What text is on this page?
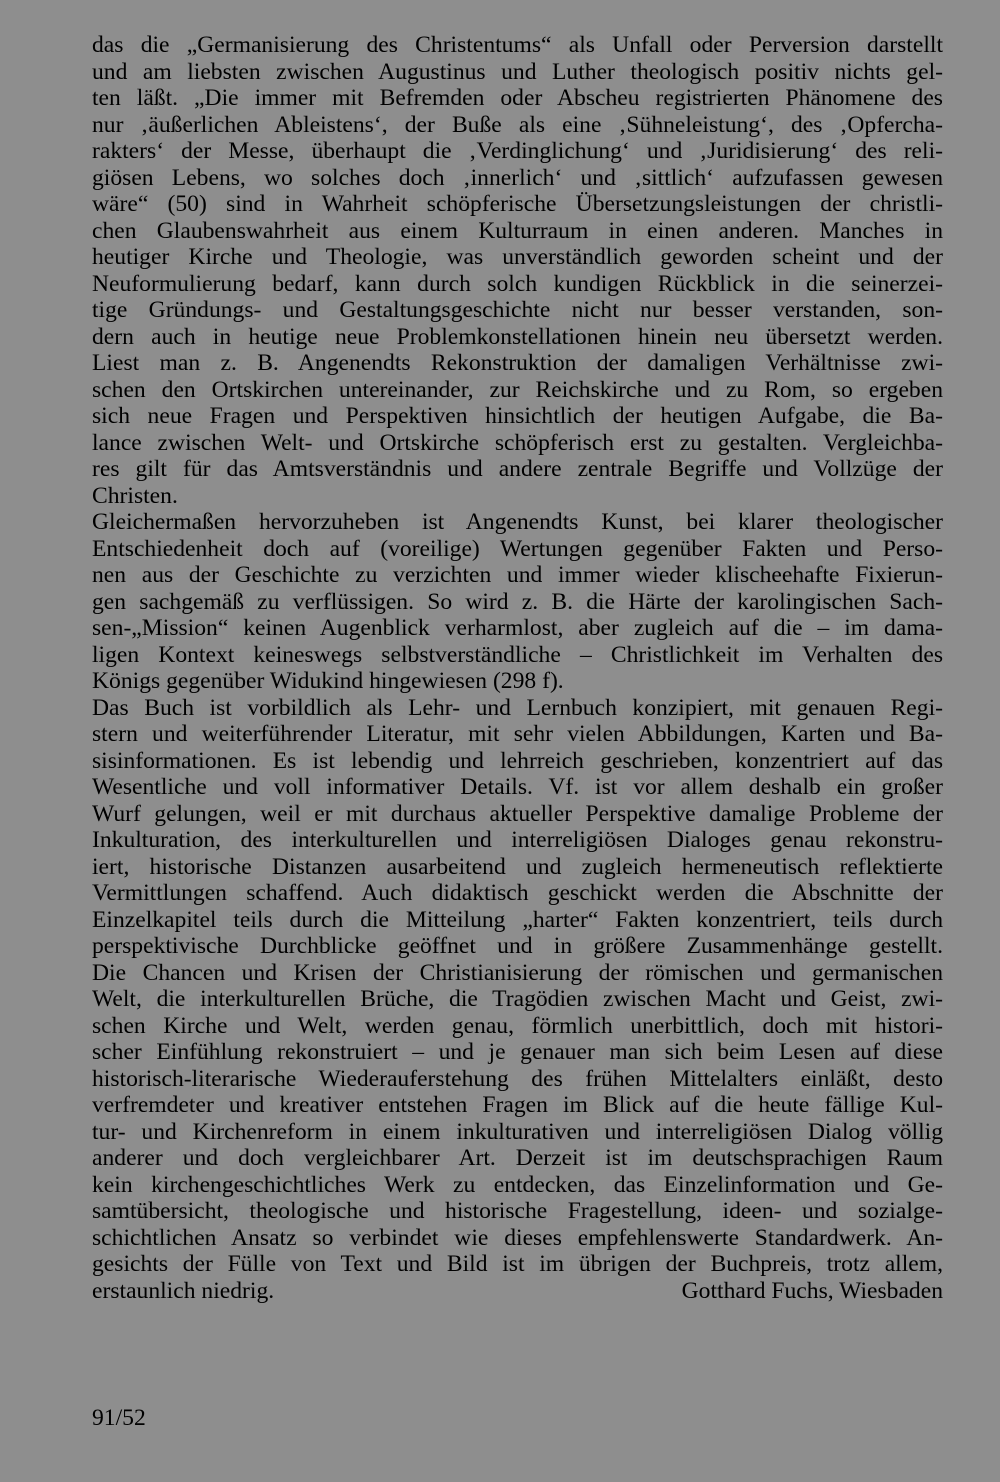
das die „Germanisierung des Christentums“ als Unfall oder Perversion darstellt
und am liebsten zwischen Augustinus und Luther theologisch positiv nichts gel-
ten läßt. „Die immer mit Befremden oder Abscheu registrierten Phänomene des
nur ‚äußerlichen Ableistens‘, der Buße als eine ‚Sühneleistung‘, des ‚Opfercha-
rakters‘ der Messe, überhaupt die ‚Verdinglichung‘ und ‚Juridisierung‘ des reli-
giösen Lebens, wo solches doch ‚innerlich‘ und ‚sittlich‘ aufzufassen gewesen
wäre“ (50) sind in Wahrheit schöpferische Übersetzungsleistungen der christli-
chen Glaubenswahrheit aus einem Kulturraum in einen anderen. Manches in
heutiger Kirche und Theologie, was unverständlich geworden scheint und der
Neuformulierung bedarf, kann durch solch kundigen Rückblick in die seinerzei-
tige Gründungs- und Gestaltungsgeschichte nicht nur besser verstanden, son-
dern auch in heutige neue Problemkonstellationen hinein neu übersetzt werden.
Liest man z. B. Angenendts Rekonstruktion der damaligen Verhältnisse zwi-
schen den Ortskirchen untereinander, zur Reichskirche und zu Rom, so ergeben
sich neue Fragen und Perspektiven hinsichtlich der heutigen Aufgabe, die Ba-
lance zwischen Welt- und Ortskirche schöpferisch erst zu gestalten. Vergleichba-
res gilt für das Amtsverständnis und andere zentrale Begriffe und Vollzüge der
Christen.
Gleichermaßen hervorzuheben ist Angenendts Kunst, bei klarer theologischer
Entschiedenheit doch auf (voreilige) Wertungen gegenüber Fakten und Perso-
nen aus der Geschichte zu verzichten und immer wieder klischeehafte Fixierun-
gen sachgemäß zu verflüssigen. So wird z. B. die Härte der karolingischen Sach-
sen-„Mission“ keinen Augenblick verharmlost, aber zugleich auf die – im dama-
ligen Kontext keineswegs selbstverständliche – Christlichkeit im Verhalten des
Königs gegenüber Widukind hingewiesen (298 f).
Das Buch ist vorbildlich als Lehr- und Lernbuch konzipiert, mit genauen Regi-
stern und weiterführender Literatur, mit sehr vielen Abbildungen, Karten und Ba-
sisinformationen. Es ist lebendig und lehrreich geschrieben, konzentriert auf das
Wesentliche und voll informativer Details. Vf. ist vor allem deshalb ein großer
Wurf gelungen, weil er mit durchaus aktueller Perspektive damalige Probleme der
Inkulturation, des interkulturellen und interreligiösen Dialoges genau rekonstru-
iert, historische Distanzen ausarbeitend und zugleich hermeneutisch reflektierte
Vermittlungen schaffend. Auch didaktisch geschickt werden die Abschnitte der
Einzelkapitel teils durch die Mitteilung „harter“ Fakten konzentriert, teils durch
perspektivische Durchblicke geöffnet und in größere Zusammenhänge gestellt.
Die Chancen und Krisen der Christianisierung der römischen und germanischen
Welt, die interkulturellen Brüche, die Tragödien zwischen Macht und Geist, zwi-
schen Kirche und Welt, werden genau, förmlich unerbittlich, doch mit histori-
scher Einfühlung rekonstruiert – und je genauer man sich beim Lesen auf diese
historisch-literarische Wiederauferstehung des frühen Mittelalters einläßt, desto
verfremdeter und kreativer entstehen Fragen im Blick auf die heute fällige Kul-
tur- und Kirchenreform in einem inkulturativen und interreligiösen Dialog völlig
anderer und doch vergleichbarer Art. Derzeit ist im deutschsprachigen Raum
kein kirchengeschichtliches Werk zu entdecken, das Einzelinformation und Ge-
samtübersicht, theologische und historische Fragestellung, ideen- und sozialge-
schichtlichen Ansatz so verbindet wie dieses empfehlenswerte Standardwerk. An-
gesichts der Fülle von Text und Bild ist im übrigen der Buchpreis, trotz allem,
erstaunlich niedrig.	Gotthard Fuchs, Wiesbaden
91/52
